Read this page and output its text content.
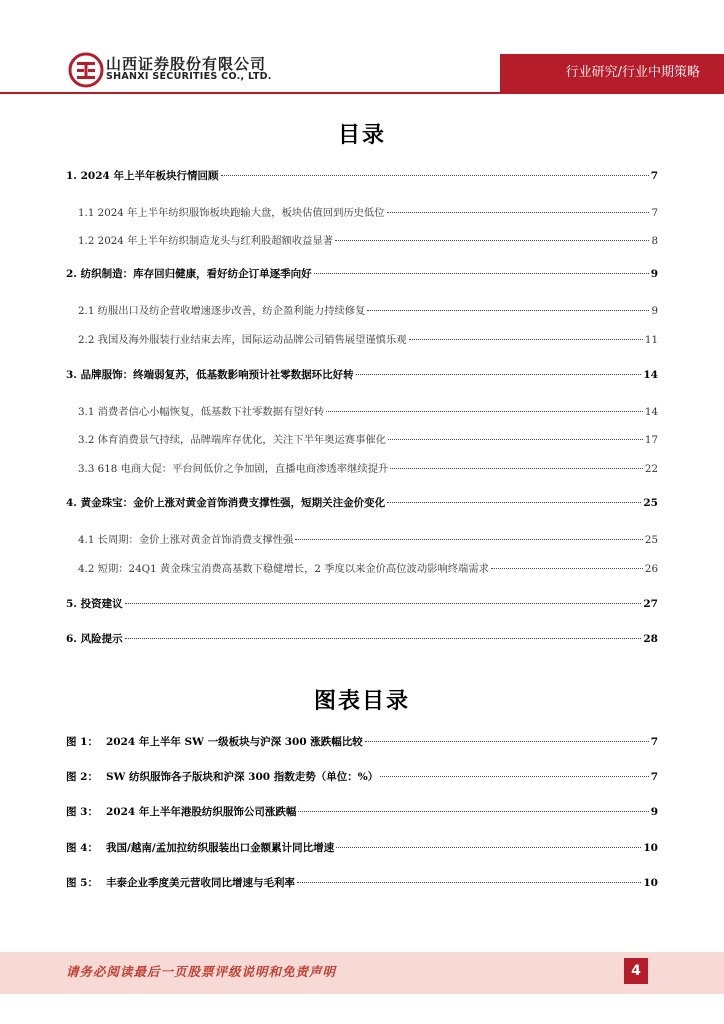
山西证券股份有限公司
SHANXI SECURITIES CO., LTD.	行业研究/行业中期策略
目录
1. 2024 年上半年板块行情回顾	7
1.1 2024 年上半年纺织服饰板块跑输大盘，板块估值回到历史低位	7
1.2 2024 年上半年纺织制造龙头与红利股超额收益显著	8
2. 纺织制造：库存回归健康，看好纺企订单逐季向好	9
2.1 纺服出口及纺企营收增速逐步改善，纺企盈利能力持续修复	9
2.2 我国及海外服装行业结束去库，国际运动品牌公司销售展望谨慎乐观	11
3. 品牌服饰：终端弱复苏，低基数影响预计社零数据环比好转	14
3.1 消费者信心小幅恢复，低基数下社零数据有望好转	14
3.2 体育消费景气持续，品牌端库存优化，关注下半年奥运赛事催化	17
3.3 618 电商大促：平台间低价之争加剧，直播电商渗透率继续提升	22
4. 黄金珠宝：金价上涨对黄金首饰消费支撑性强，短期关注金价变化	25
4.1 长周期：金价上涨对黄金首饰消费支撑性强	25
4.2 短期：24Q1 黄金珠宝消费高基数下稳健增长，2 季度以来金价高位波动影响终端需求	26
5. 投资建议	27
6. 风险提示	28
图表目录
图 1： 2024 年上半年 SW 一级板块与沪深 300 涨跌幅比较	7
图 2： SW 纺织服饰各子版块和沪深 300 指数走势（单位：%）	7
图 3： 2024 年上半年港股纺织服饰公司涨跌幅	9
图 4： 我国/越南/孟加拉纺织服装出口金额累计同比增速	10
图 5： 丰泰企业季度美元营收同比增速与毛利率	10
请务必阅读最后一页股票评级说明和免责声明	4
